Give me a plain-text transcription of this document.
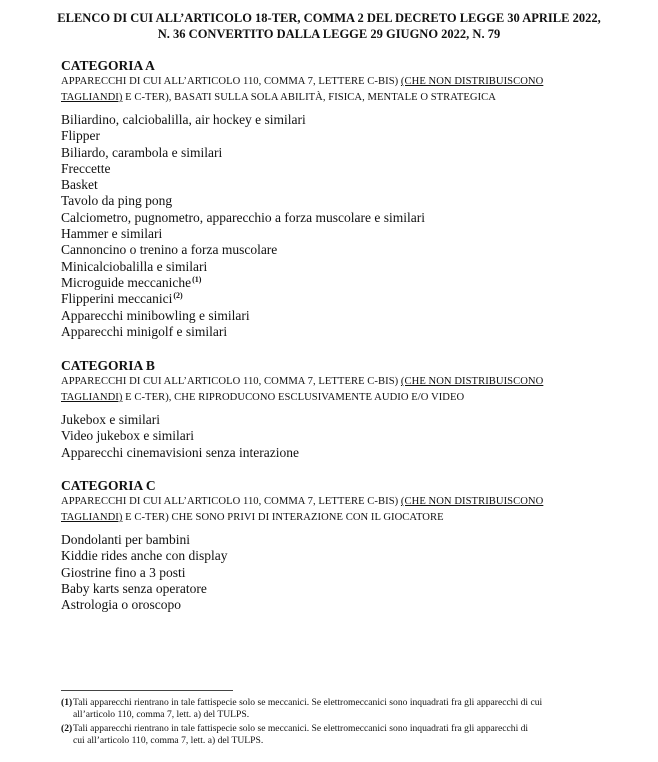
ELENCO DI CUI ALL’ARTICOLO 18-TER, COMMA 2 DEL DECRETO LEGGE 30 APRILE 2022,
N. 36 CONVERTITO DALLA LEGGE 29 GIUGNO 2022, N. 79
CATEGORIA A
APPARECCHI DI CUI ALL’ARTICOLO 110, COMMA 7, LETTERE C-BIS) (CHE NON DISTRIBUISCONO
TAGLIANDI) E C-TER), BASATI SULLA SOLA ABILITÀ, FISICA, MENTALE O STRATEGICA
Biliardino, calciobalilla, air hockey e similari
Flipper
Biliardo, carambola e similari
Freccette
Basket
Tavolo da ping pong
Calciometro, pugnometro, apparecchio a forza muscolare e similari
Hammer e similari
Cannoncino o trenino a forza muscolare
Minicalciobalilla e similari
Microguide meccaniche$^{(1)}$
Flipperini meccanici$^{(2)}$
Apparecchi minibowling e similari
Apparecchi minigolf e similari
CATEGORIA B
APPARECCHI DI CUI ALL’ARTICOLO 110, COMMA 7, LETTERE C-BIS) (CHE NON DISTRIBUISCONO
TAGLIANDI) E C-TER), CHE RIPRODUCONO ESCLUSIVAMENTE AUDIO E/O VIDEO
Jukebox e similari
Video jukebox e similari
Apparecchi cinemavisioni senza interazione
CATEGORIA C
APPARECCHI DI CUI ALL’ARTICOLO 110, COMMA 7, LETTERE C-BIS) (CHE NON DISTRIBUISCONO
TAGLIANDI) E C-TER) CHE SONO PRIVI DI INTERAZIONE CON IL GIOCATORE
Dondolanti per bambini
Kiddie rides anche con display
Giostrine fino a 3 posti
Baby karts senza operatore
Astrologia o oroscopo
(1) Tali apparecchi rientrano in tale fattispecie solo se meccanici. Se elettromeccanici sono inquadrati fra gli apparecchi di cui
all’articolo 110, comma 7, lett. a) del TULPS.
(2) Tali apparecchi rientrano in tale fattispecie solo se meccanici. Se elettromeccanici sono inquadrati fra gli apparecchi di
cui all’articolo 110, comma 7, lett. a) del TULPS.
